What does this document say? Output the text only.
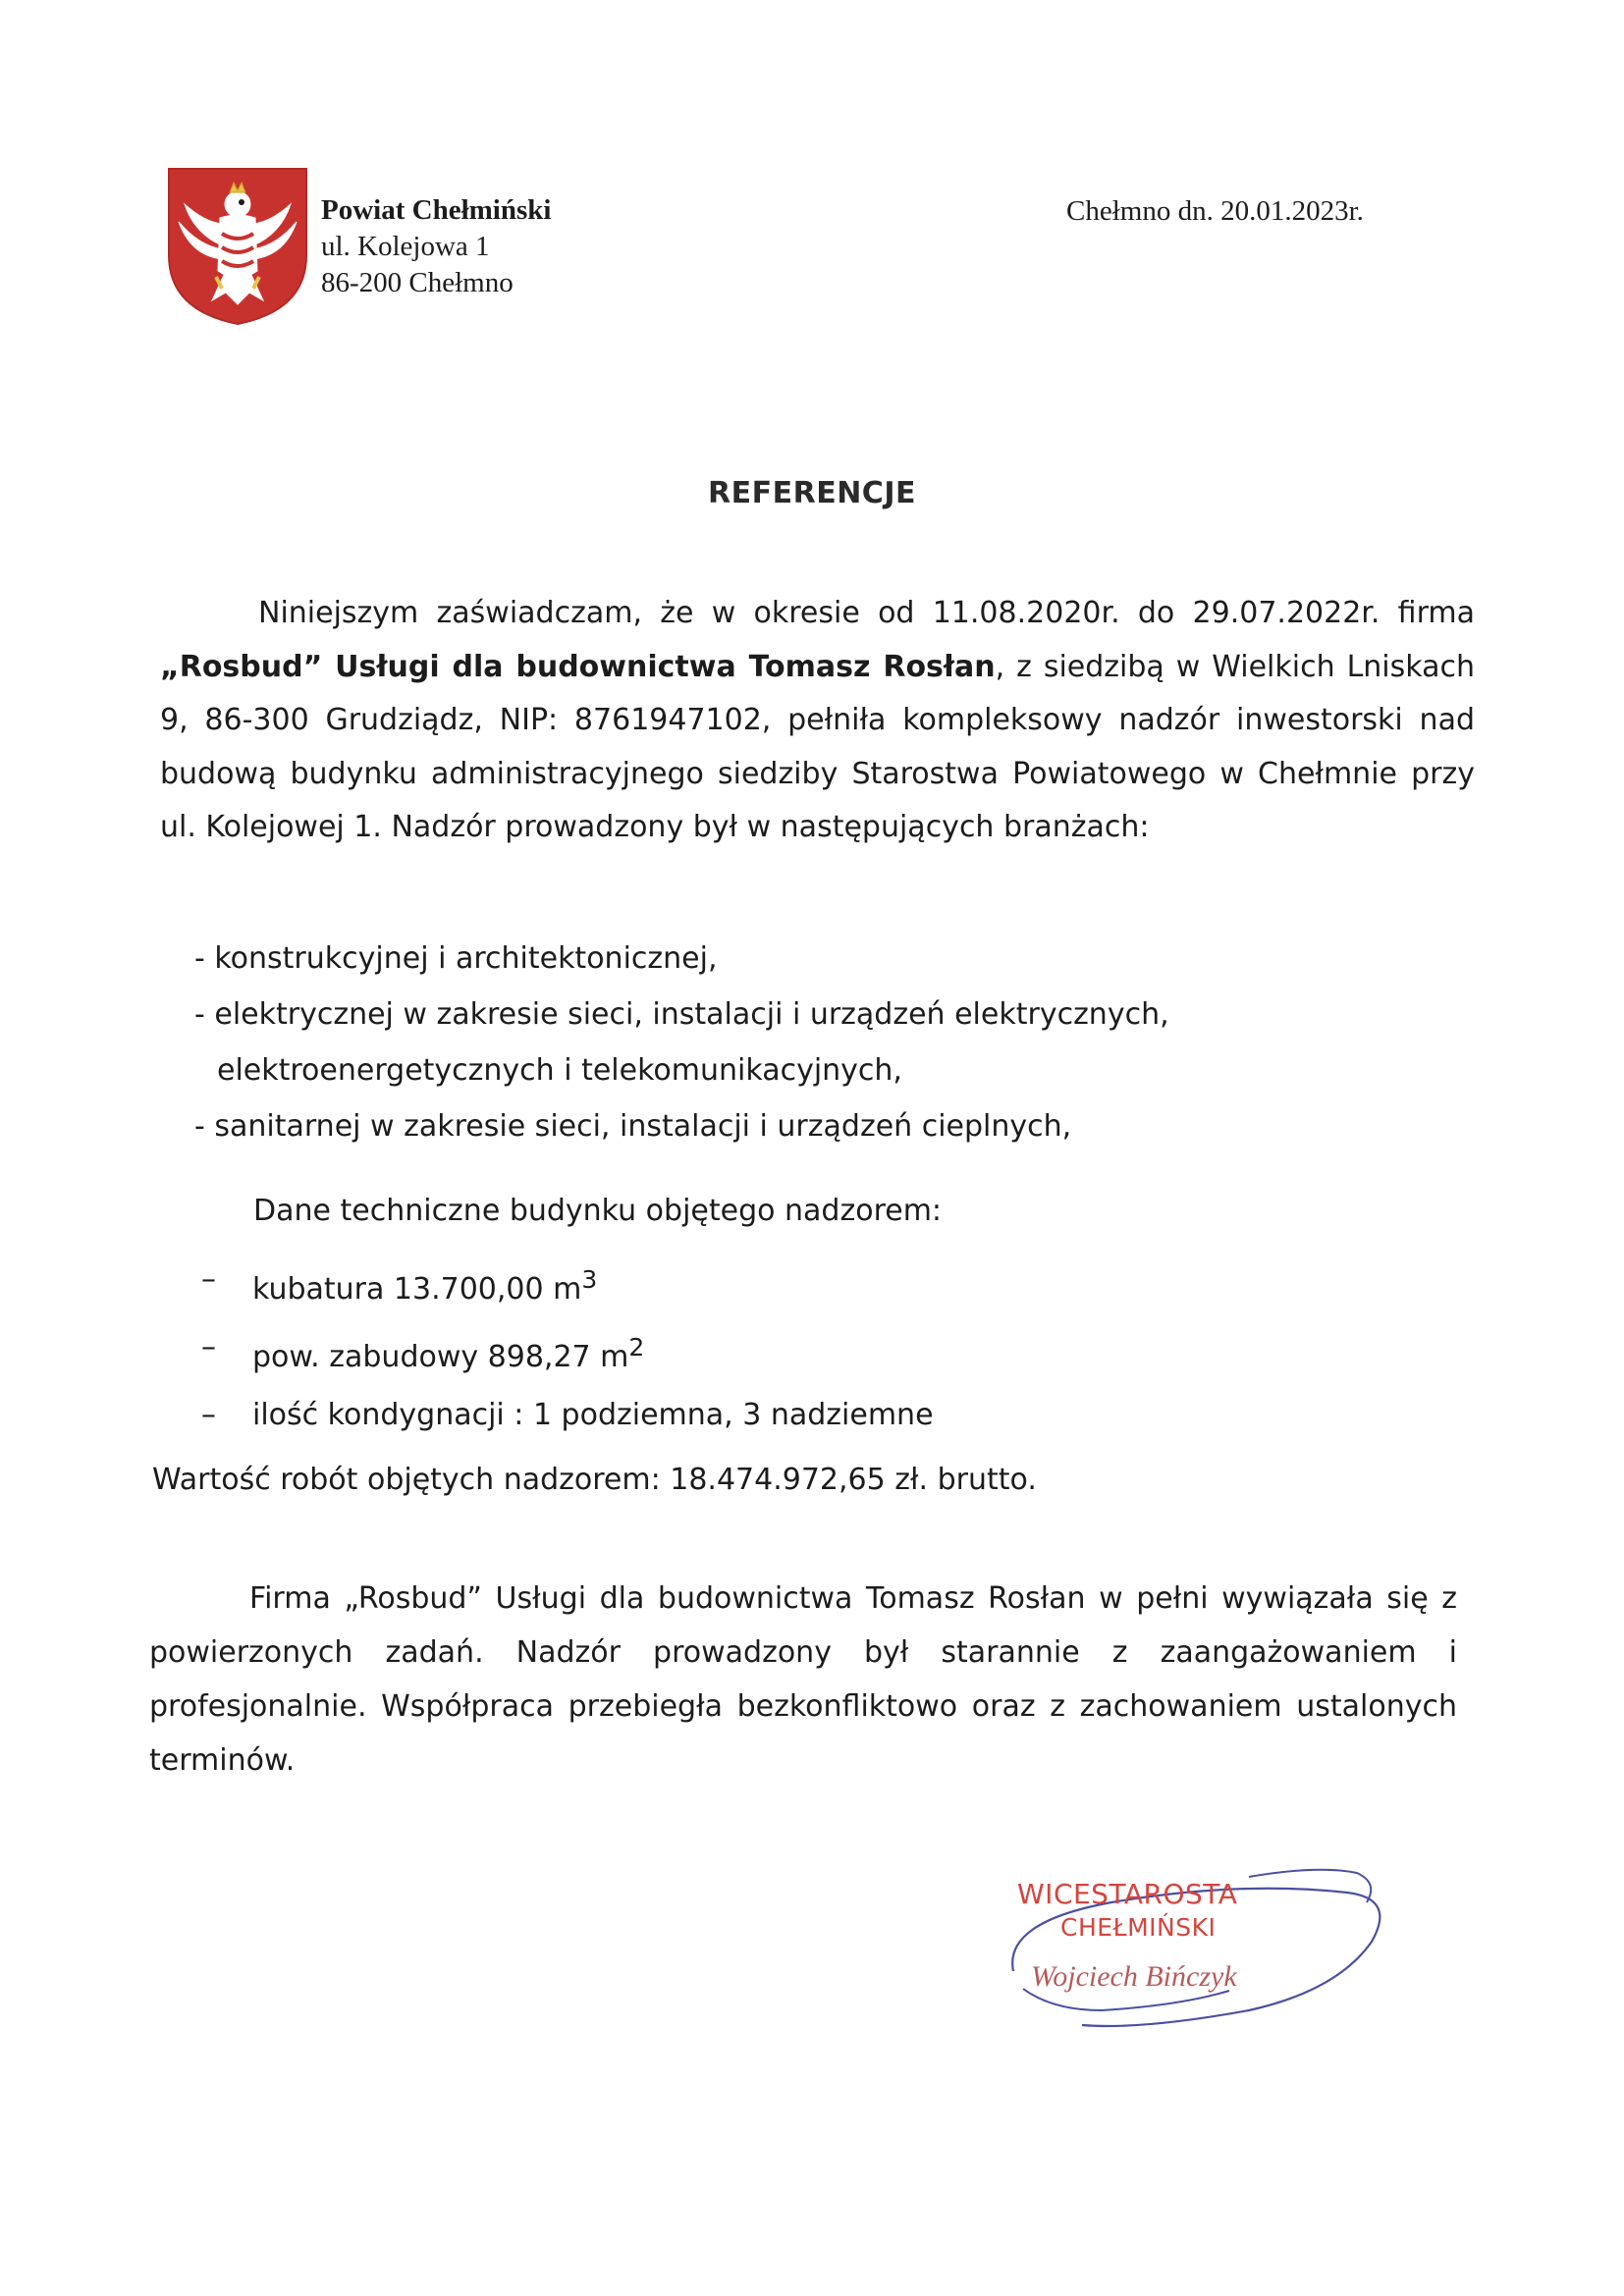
Powiat Chełmiński
ul. Kolejowa 1
86-200 Chełmno
Chełmno dn. 20.01.2023r.
REFERENCJE
Niniejszym zaświadczam, że w okresie od 11.08.2020r. do 29.07.2022r. firma „Rosbud” Usługi dla budownictwa Tomasz Rosłan, z siedzibą w Wielkich Lniskach 9, 86-300 Grudziądz, NIP: 8761947102, pełniła kompleksowy nadzór inwestorski nad budową budynku administracyjnego siedziby Starostwa Powiatowego w Chełmnie przy ul. Kolejowej 1. Nadzór prowadzony był w następujących branżach:
- konstrukcyjnej i architektonicznej,
- elektrycznej w zakresie sieci, instalacji i urządzeń elektrycznych,
elektroenergetycznych i telekomunikacyjnych,
- sanitarnej w zakresie sieci, instalacji i urządzeń cieplnych,
Dane techniczne budynku objętego nadzorem:
–	kubatura 13.700,00 $m^3$
–	pow. zabudowy 898,27 $m^2$
–	ilość kondygnacji : 1 podziemna, 3 nadziemne
Wartość robót objętych nadzorem: 18.474.972,65 zł. brutto.
Firma „Rosbud” Usługi dla budownictwa Tomasz Rosłan w pełni wywiązała się z powierzonych zadań. Nadzór prowadzony był starannie z zaangażowaniem i profesjonalnie. Współpraca przebiegła bezkonfliktowo oraz z zachowaniem ustalonych terminów.
WICESTAROSTA
CHEŁMIŃSKI
Wojciech Bińczyk
